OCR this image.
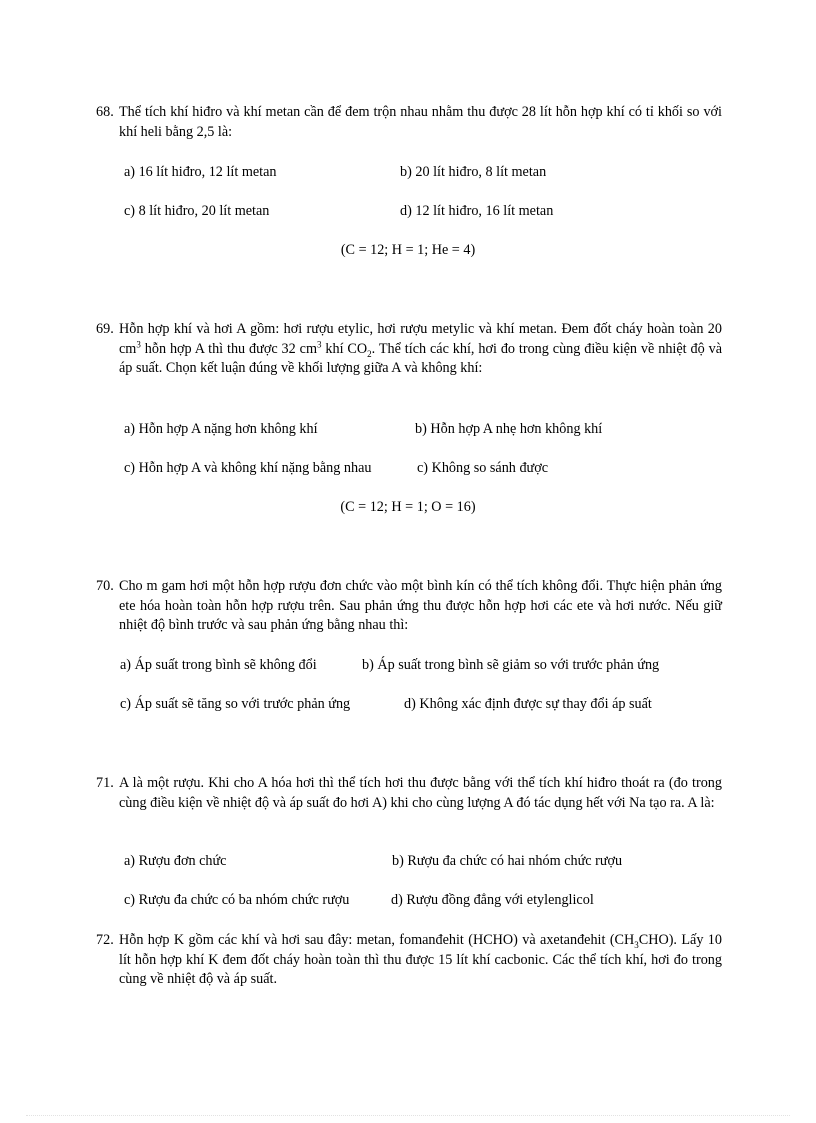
68. Thể tích khí hiđro và khí metan cần để đem trộn nhau nhằm thu được 28 lít hỗn hợp khí có tỉ khối so với khí heli bằng 2,5 là:
a) 16 lít hiđro, 12 lít metan	b) 20 lít hiđro, 8 lít metan
c) 8 lít hiđro, 20 lít metan	d) 12 lít hiđro, 16 lít metan
(C = 12; H = 1; He = 4)
69. Hỗn hợp khí và hơi A gồm: hơi rượu etylic, hơi rượu metylic và khí metan. Đem đốt cháy hoàn toàn 20 $cm^3$ hỗn hợp A thì thu được 32 $cm^3$ khí $CO_2$. Thể tích các khí, hơi đo trong cùng điều kiện về nhiệt độ và áp suất. Chọn kết luận đúng về khối lượng giữa A và không khí:
a) Hỗn hợp A nặng hơn không khí	b) Hỗn hợp A nhẹ hơn không khí
c) Hỗn hợp A và không khí nặng bằng nhau	c) Không so sánh được
(C = 12; H = 1; O = 16)
70. Cho m gam hơi một hỗn hợp rượu đơn chức vào một bình kín có thể tích không đổi. Thực hiện phản ứng ete hóa hoàn toàn hỗn hợp rượu trên. Sau phản ứng thu được hỗn hợp hơi các ete và hơi nước. Nếu giữ nhiệt độ bình trước và sau phản ứng bằng nhau thì:
a) Áp suất trong bình sẽ không đổi	b) Áp suất trong bình sẽ giảm so với trước phản ứng
c) Áp suất sẽ tăng so với trước phản ứng	d) Không xác định được sự thay đổi áp suất
71. A là một rượu. Khi cho A hóa hơi thì thể tích hơi thu được bằng với thể tích khí hiđro thoát ra (đo trong cùng điều kiện về nhiệt độ và áp suất đo hơi A) khi cho cùng lượng A đó tác dụng hết với Na tạo ra. A là:
a) Rượu đơn chức	b) Rượu đa chức có hai nhóm chức rượu
c) Rượu đa chức có ba nhóm chức rượu	d) Rượu đồng đẳng với etylenglicol
72. Hỗn hợp K gồm các khí và hơi sau đây: metan, fomanđehit (HCHO) và axetanđehit $(CH_3CHO)$. Lấy 10 lít hỗn hợp khí K đem đốt cháy hoàn toàn thì thu được 15 lít khí cacbonic. Các thể tích khí, hơi đo trong cùng về nhiệt độ và áp suất.
